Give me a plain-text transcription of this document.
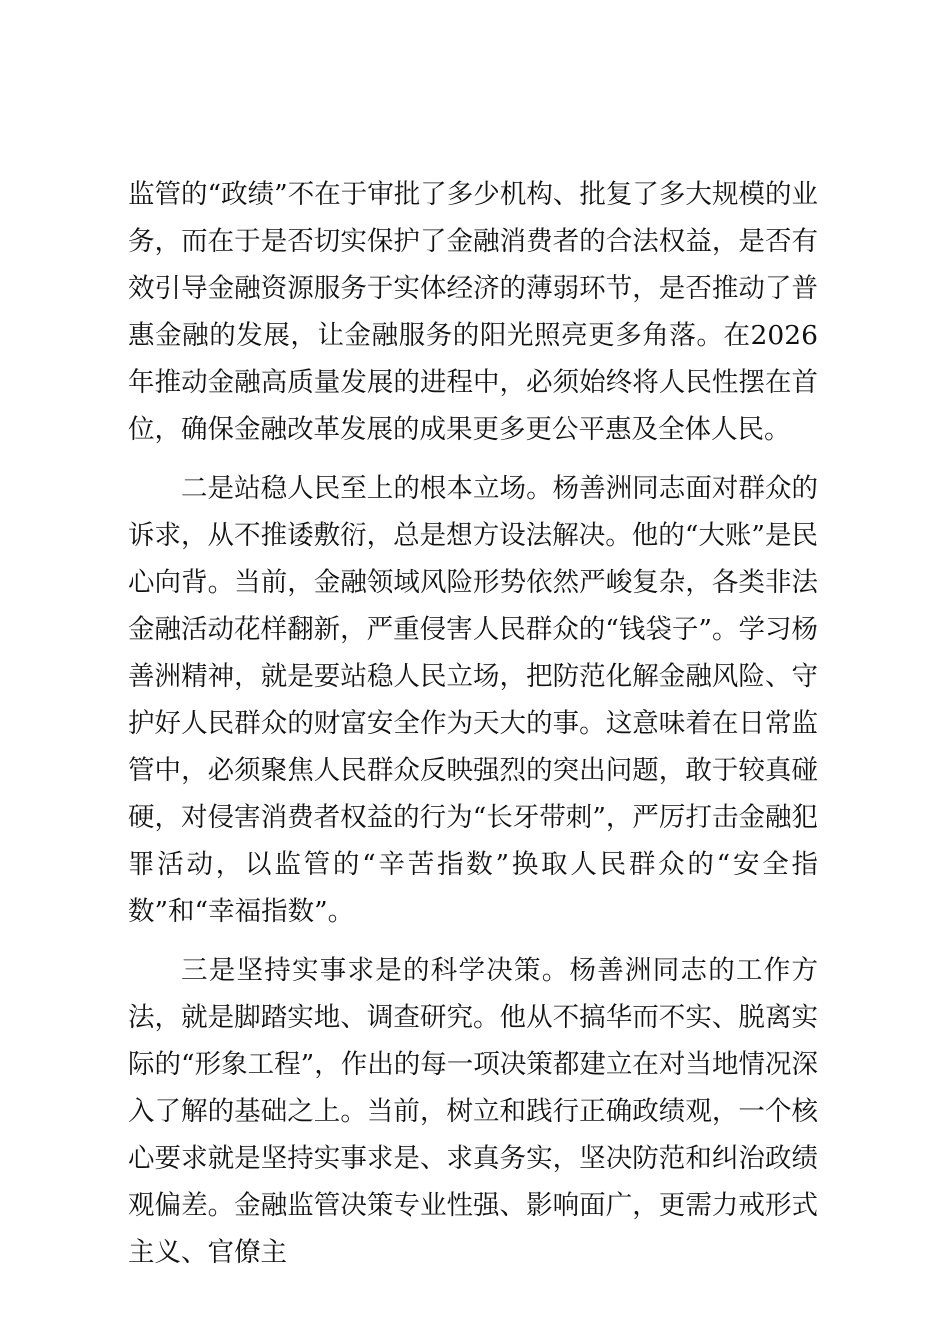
监管的“政绩”不在于审批了多少机构、批复了多大规模的业务，而在于是否切实保护了金融消费者的合法权益，是否有效引导金融资源服务于实体经济的薄弱环节，是否推动了普惠金融的发展，让金融服务的阳光照亮更多角落。在2026年推动金融高质量发展的进程中，必须始终将人民性摆在首位，确保金融改革发展的成果更多更公平惠及全体人民。

二是站稳人民至上的根本立场。杨善洲同志面对群众的诉求，从不推诿敷衍，总是想方设法解决。他的“大账”是民心向背。当前，金融领域风险形势依然严峻复杂，各类非法金融活动花样翻新，严重侵害人民群众的“钱袋子”。学习杨善洲精神，就是要站稳人民立场，把防范化解金融风险、守护好人民群众的财富安全作为天大的事。这意味着在日常监管中，必须聚焦人民群众反映强烈的突出问题，敢于较真碰硬，对侵害消费者权益的行为“长牙带刺”，严厉打击金融犯罪活动，以监管的“辛苦指数”换取人民群众的“安全指数”和“幸福指数”。

三是坚持实事求是的科学决策。杨善洲同志的工作方法，就是脚踏实地、调查研究。他从不搞华而不实、脱离实际的“形象工程”，作出的每一项决策都建立在对当地情况深入了解的基础之上。当前，树立和践行正确政绩观，一个核心要求就是坚持实事求是、求真务实，坚决防范和纠治政绩观偏差。金融监管决策专业性强、影响面广，更需力戒形式主义、官僚主
